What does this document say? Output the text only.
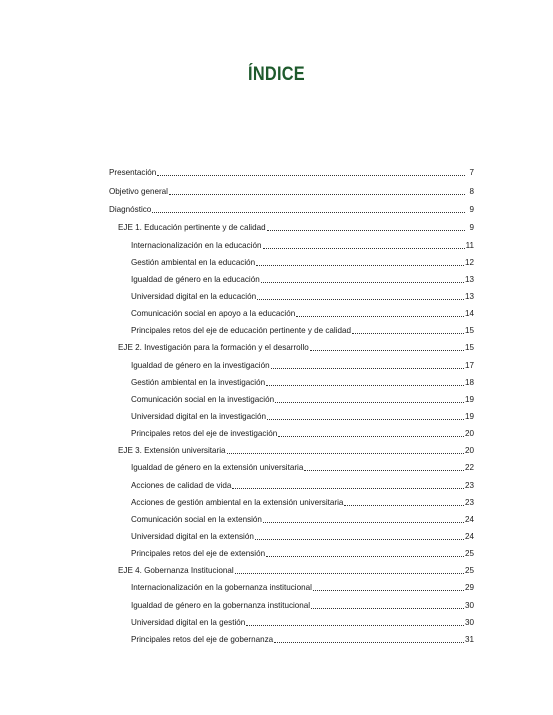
ÍNDICE
Presentación	7
Objetivo general	8
Diagnóstico	9
EJE 1. Educación pertinente y de calidad	9
Internacionalización en la educación	11
Gestión ambiental en la educación	12
Igualdad de género en la educación	13
Universidad digital en la educación	13
Comunicación social en apoyo a la educación	14
Principales retos del eje de educación pertinente y de calidad	15
EJE 2. Investigación para la formación y el desarrollo	15
Igualdad de género en la investigación	17
Gestión ambiental en la investigación	18
Comunicación social en la investigación	19
Universidad digital en la investigación	19
Principales retos del eje de investigación	20
EJE 3. Extensión universitaria	20
Igualdad de género en la extensión universitaria	22
Acciones de calidad de vida	23
Acciones de gestión ambiental en la extensión universitaria	23
Comunicación social en la extensión	24
Universidad digital en la extensión	24
Principales retos del eje de extensión	25
EJE 4. Gobernanza Institucional	25
Internacionalización en la gobernanza institucional	29
Igualdad de género en la gobernanza institucional	30
Universidad digital en la gestión	30
Principales retos del eje de gobernanza	31
